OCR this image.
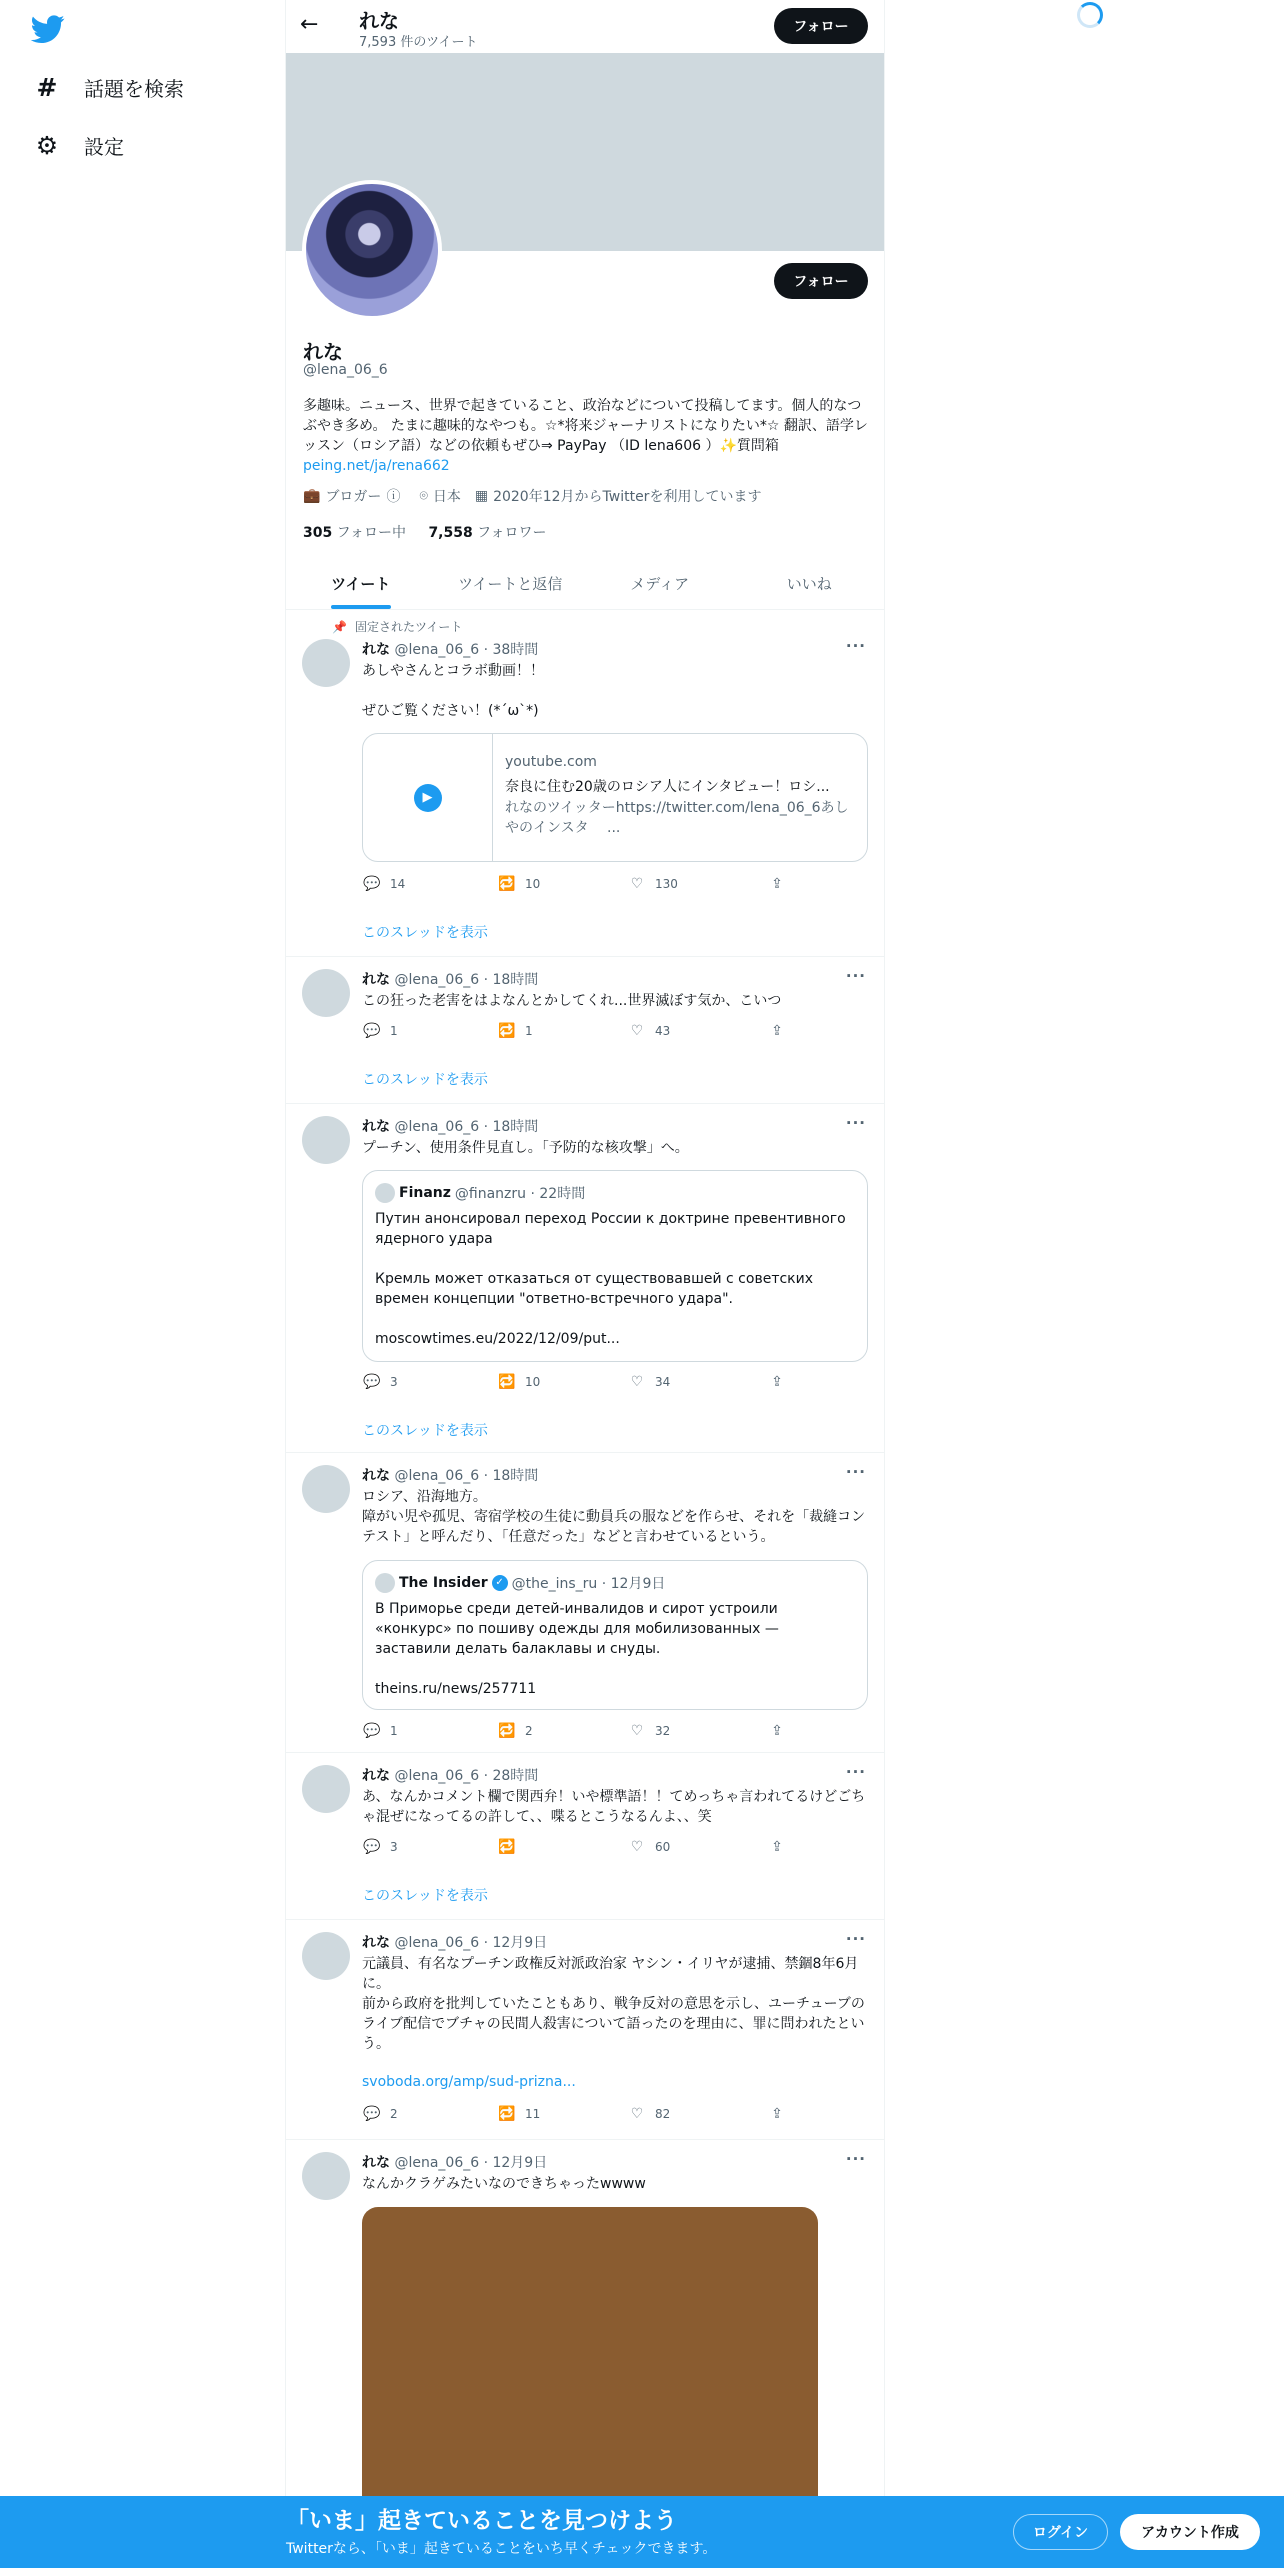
# 話題を検索
⚙ 設定
← れな
7,593 件のツイート
フォロー
フォロー
れな
@lena_06_6
多趣味。ニュース、世界で起きていること、政治などについて投稿してます。個人的なつぶやき多め。 たまに趣味的なやつも。☆*将来ジャーナリストになりたい*☆ 翻訳、語学レッスン（ロシア語）などの依頼もぜひ⇒ PayPay （ID lena606 ）✨質問箱 peing.net/ja/rena662
💼 ブロガー ⓘ ⌾ 日本 ▦ 2020年12月からTwitterを利用しています
305 フォロー中 7,558 フォロワー
ツイート	ツイートと返信	メディア	いいね
📌 固定されたツイート
れな @lena_06_6 · 38時間	···
あしやさんとコラボ動画！！

ぜひご覧ください！(*´ω`*)
▶
youtube.com
奈良に住む20歳のロシア人にインタビュー！ロシ...
れなのツイッターhttps://twitter.com/lena_06_6あしやのインスタ　 ...
💬 14	🔁 10	♡ 130	⇪
このスレッドを表示
れな @lena_06_6 · 18時間	···
この狂った老害をはよなんとかしてくれ...世界滅ぼす気か、こいつ
💬 1	🔁 1	♡ 43	⇪
このスレッドを表示
れな @lena_06_6 · 18時間	···
プーチン、使用条件見直し。「予防的な核攻撃」へ。
Finanz @finanzru · 22時間
Путин анонсировал переход России к доктрине превентивного ядерного удара

Кремль может отказаться от существовавшей с советских времен концепции "ответно-встречного удара".

moscowtimes.eu/2022/12/09/put...
💬 3	🔁 10	♡ 34	⇪
このスレッドを表示
れな @lena_06_6 · 18時間	···
ロシア、沿海地方。
障がい児や孤児、寄宿学校の生徒に動員兵の服などを作らせ、それを「裁縫コンテスト」と呼んだり、「任意だった」などと言わせているという。
The Insider ✓ @the_ins_ru · 12月9日
В Приморье среди детей-инвалидов и сирот устроили «конкурс» по пошиву одежды для мобилизованных — заставили делать балаклавы и снуды.

theins.ru/news/257711
💬 1	🔁 2	♡ 32	⇪
れな @lena_06_6 · 28時間	···
あ、なんかコメント欄で関西弁！いや標準語！！てめっちゃ言われてるけどごちゃ混ぜになってるの許して、、喋るとこうなるんよ、、笑
💬 3	🔁	♡ 60	⇪
このスレッドを表示
れな @lena_06_6 · 12月9日	···
元議員、有名なプーチン政権反対派政治家 ヤシン・イリヤが逮捕、禁錮8年6月に。
前から政府を批判していたこともあり、戦争反対の意思を示し、ユーチューブのライブ配信でブチャの民間人殺害について語ったのを理由に、罪に問われたという。
svoboda.org/amp/sud-prizna...
💬 2	🔁 11	♡ 82	⇪
れな @lena_06_6 · 12月9日	···
なんかクラゲみたいなのできちゃったwwww
「いま」起きていることを見つけよう
Twitterなら、「いま」起きていることをいち早くチェックできます。
ログイン	アカウント作成
